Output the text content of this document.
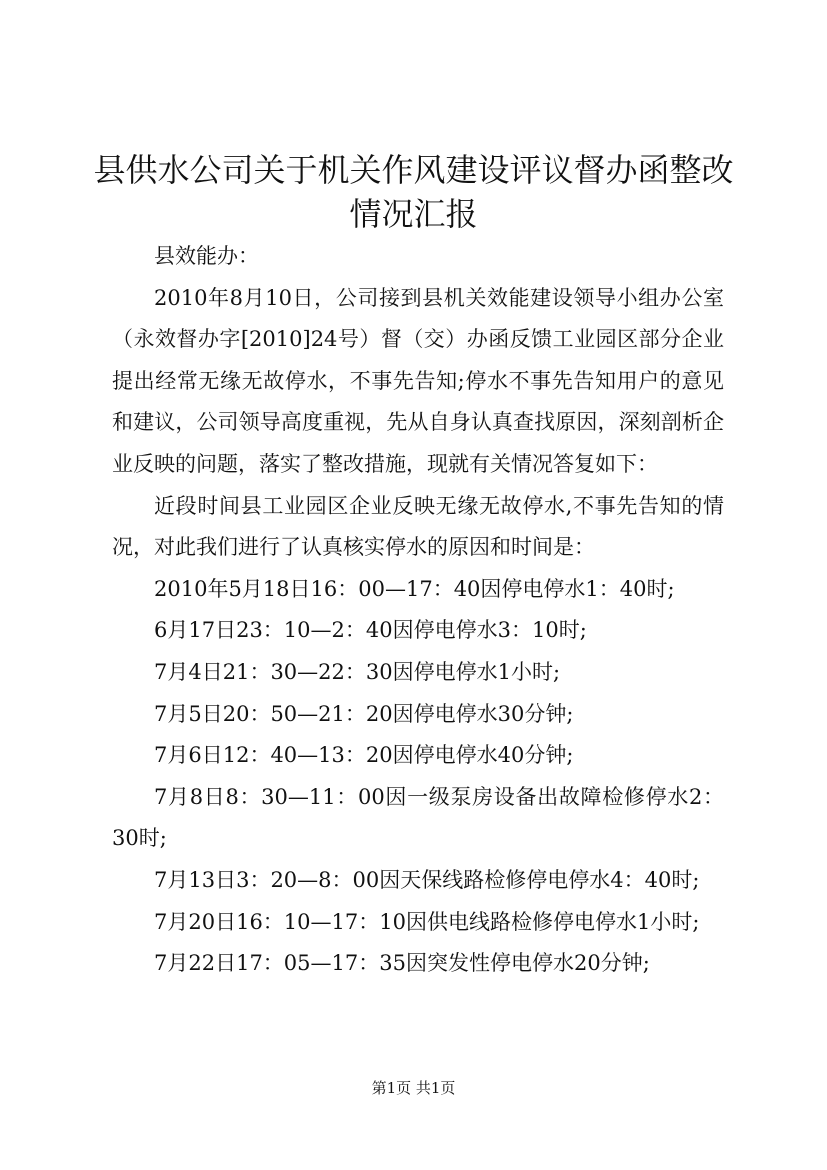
县供水公司关于机关作风建设评议督办函整改
情况汇报

县效能办：

2010年8月10日，公司接到县机关效能建设领导小组办公室（永效督办字[2010]24号）督（交）办函反馈工业园区部分企业提出经常无缘无故停水，不事先告知;停水不事先告知用户的意见和建议，公司领导高度重视，先从自身认真查找原因，深刻剖析企业反映的问题，落实了整改措施，现就有关情况答复如下：

近段时间县工业园区企业反映无缘无故停水,不事先告知的情况，对此我们进行了认真核实停水的原因和时间是：

2010年5月18日16：00—17：40因停电停水1：40时;

6月17日23：10—2：40因停电停水3：10时;

7月4日21：30—22：30因停电停水1小时;

7月5日20：50—21：20因停电停水30分钟;

7月6日12：40—13：20因停电停水40分钟;

7月8日8：30—11：00因一级泵房设备出故障检修停水2：30时;

7月13日3：20—8：00因天保线路检修停电停水4：40时;

7月20日16：10—17：10因供电线路检修停电停水1小时;

7月22日17：05—17：35因突发性停电停水20分钟;

第1页 共1页
